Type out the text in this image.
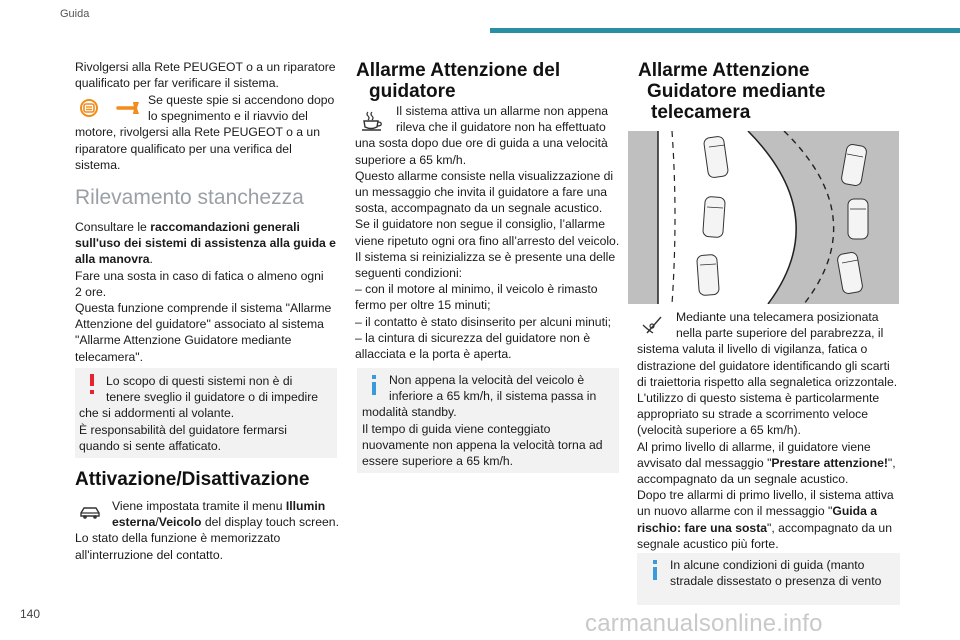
Guida

Rivolgersi alla Rete PEUGEOT o a un riparatore

qualificato per far verificare il sistema.

Se queste spie si accendono dopo

lo spegnimento e il riavvio del

motore, rivolgersi alla Rete PEUGEOT o a un

riparatore qualificato per una verifica del

sistema.

Rilevamento stanchezza

Consultare le raccomandazioni generali

sull'uso dei sistemi di assistenza alla guida e

alla manovra.

Fare una sosta in caso di fatica o almeno ogni

2 ore.

Questa funzione comprende il sistema "Allarme

Attenzione del guidatore" associato al sistema

"Allarme Attenzione Guidatore mediante

telecamera".

Lo scopo di questi sistemi non è di

tenere sveglio il guidatore o di impedire

che si addormenti al volante.

È responsabilità del guidatore fermarsi

quando si sente affaticato.

Attivazione/Disattivazione

Viene impostata tramite il menu Illumin

esterna/Veicolo del display touch screen.

Lo stato della funzione è memorizzato

all'interruzione del contatto.

Allarme Attenzione del
guidatore

Il sistema attiva un allarme non appena

rileva che il guidatore non ha effettuato

una sosta dopo due ore di guida a una velocità

superiore a 65 km/h.

Questo allarme consiste nella visualizzazione di

un messaggio che invita il guidatore a fare una

sosta, accompagnato da un segnale acustico.

Se il guidatore non segue il consiglio, l’allarme

viene ripetuto ogni ora fino all’arresto del veicolo.

Il sistema si reinizializza se è presente una delle

seguenti condizioni:

– con il motore al minimo, il veicolo è rimasto

fermo per oltre 15 minuti;

– il contatto è stato disinserito per alcuni minuti;

– la cintura di sicurezza del guidatore non è

allacciata e la porta è aperta.

Non appena la velocità del veicolo è

inferiore a 65 km/h, il sistema passa in

modalità standby.

Il tempo di guida viene conteggiato

nuovamente non appena la velocità torna ad

essere superiore a 65 km/h.

Allarme Attenzione
Guidatore mediante
telecamera

Mediante una telecamera posizionata

nella parte superiore del parabrezza, il

sistema valuta il livello di vigilanza, fatica o

distrazione del guidatore identificando gli scarti

di traiettoria rispetto alla segnaletica orizzontale.

L'utilizzo di questo sistema è particolarmente

appropriato su strade a scorrimento veloce

(velocità superiore a 65 km/h).

Al primo livello di allarme, il guidatore viene

avvisato dal messaggio "Prestare attenzione!",

accompagnato da un segnale acustico.

Dopo tre allarmi di primo livello, il sistema attiva

un nuovo allarme con il messaggio "Guida a

rischio: fare una sosta", accompagnato da un

segnale acustico più forte.

In alcune condizioni di guida (manto

stradale dissestato o presenza di vento

140	carmanualsonline.info
